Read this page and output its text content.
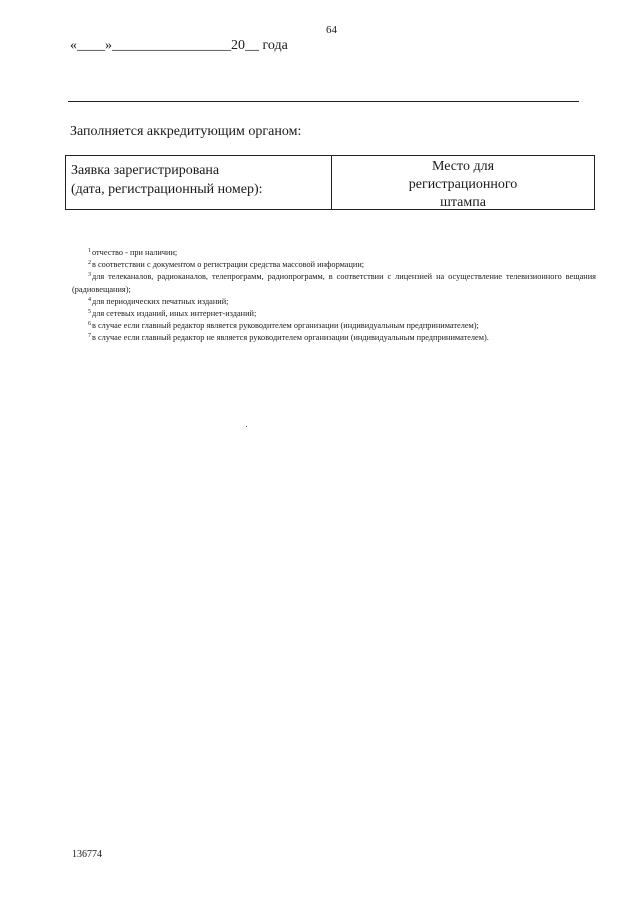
64
«____»_________________20__ года
Заполняется аккредитующим органом:
Заявка зарегистрирована
(дата, регистрационный номер):
Место для
регистрационного
штампа

$^1$отчество - при наличии;

$^2$в соответствии с документом о регистрации средства массовой информации;

$^3$для телеканалов, радиоканалов, телепрограмм, радиопрограмм, в соответствии с лицензией на осуществление телевизионного вещания (радиовещания);

$^4$для периодических печатных изданий;

$^5$для сетевых изданий, иных интернет-изданий;

$^6$в случае если главный редактор является руководителем организации (индивидуальным предпринимателем);

$^7$в случае если главный редактор не является руководителем организации (индивидуальным предпринимателем).

136774
